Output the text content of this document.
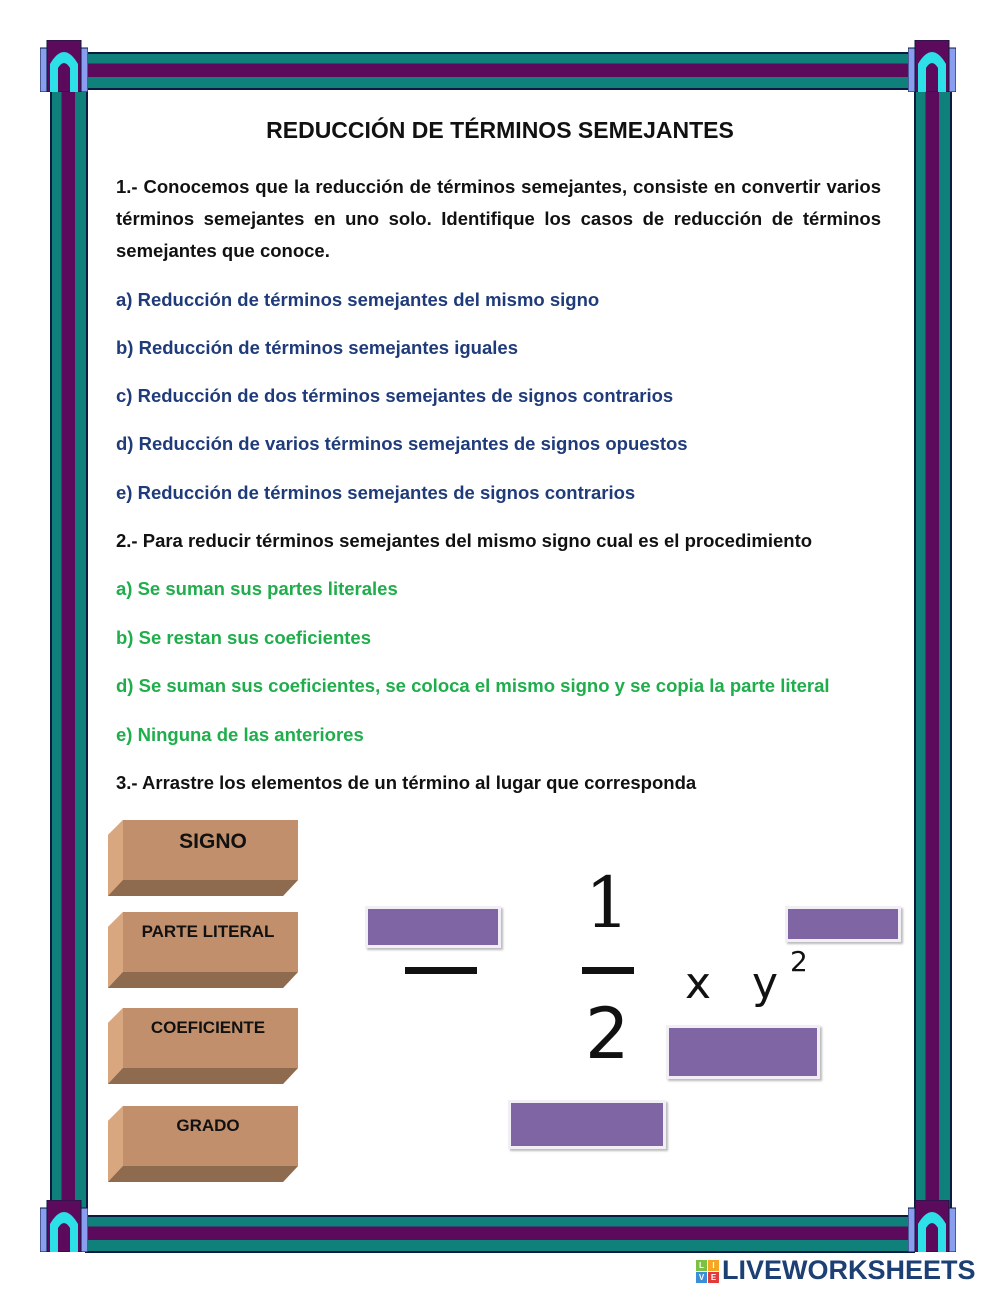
REDUCCIÓN DE TÉRMINOS SEMEJANTES
1.- Conocemos que la reducción de términos semejantes, consiste en convertir varios términos semejantes en uno solo. Identifique los casos de reducción de términos semejantes que conoce.
a) Reducción de términos semejantes del mismo signo
b) Reducción de términos semejantes iguales
c) Reducción de dos términos semejantes de signos contrarios
d) Reducción de varios términos semejantes de signos opuestos
e) Reducción de términos semejantes de signos contrarios
2.- Para reducir términos semejantes del mismo signo cual es el procedimiento
a) Se suman sus partes literales
b) Se restan sus coeficientes
d) Se suman sus coeficientes, se coloca el mismo signo y se copia la parte literal
e) Ninguna de las anteriores
3.- Arrastre los elementos de un término al lugar que corresponda
SIGNO
PARTE LITERAL
COEFICIENTE
GRADO
1
2
x y 2
L	I
V E LIVEWORKSHEETS
